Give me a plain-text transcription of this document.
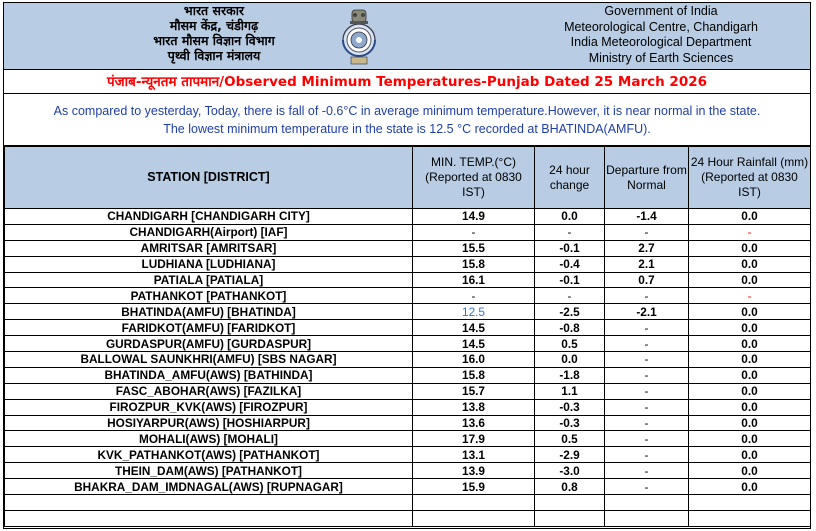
भारत सरकार
मौसम केंद्र, चंडीगढ़
भारत मौसम विज्ञान विभाग
पृथ्वी विज्ञान मंत्रालय
Government of India
Meteorological Centre, Chandigarh
India Meteorological Department
Ministry of Earth Sciences
पंजाब-न्यूनतम तापमान/Observed Minimum Temperatures-Punjab Dated 25 March 2026
As compared to yesterday, Today, there is fall of -0.6°C in average minimum temperature.However, it is near normal in the state.
The lowest minimum temperature in the state is 12.5 °C recorded at BHATINDA(AMFU).
STATION [DISTRICT]	MIN. TEMP.(°C) (Reported at 0830 IST)	24 hour change	Departure from Normal	24 Hour Rainfall (mm) (Reported at 0830 IST)
CHANDIGARH [CHANDIGARH CITY]	14.9	0.0	-1.4	0.0
CHANDIGARH(Airport) [IAF]	-	-	-	-
AMRITSAR [AMRITSAR]	15.5	-0.1	2.7	0.0
LUDHIANA [LUDHIANA]	15.8	-0.4	2.1	0.0
PATIALA [PATIALA]	16.1	-0.1	0.7	0.0
PATHANKOT [PATHANKOT]	-	-	-	-
BHATINDA(AMFU) [BHATINDA]	12.5	-2.5	-2.1	0.0
FARIDKOT(AMFU) [FARIDKOT]	14.5	-0.8	-	0.0
GURDASPUR(AMFU) [GURDASPUR]	14.5	0.5	-	0.0
BALLOWAL SAUNKHRI(AMFU) [SBS NAGAR]	16.0	0.0	-	0.0
BHATINDA_AMFU(AWS) [BATHINDA]	15.8	-1.8	-	0.0
FASC_ABOHAR(AWS) [FAZILKA]	15.7	1.1	-	0.0
FIROZPUR_KVK(AWS) [FIROZPUR]	13.8	-0.3	-	0.0
HOSIYARPUR(AWS) [HOSHIARPUR]	13.6	-0.3	-	0.0
MOHALI(AWS) [MOHALI]	17.9	0.5	-	0.0
KVK_PATHANKOT(AWS) [PATHANKOT]	13.1	-2.9	-	0.0
THEIN_DAM(AWS) [PATHANKOT]	13.9	-3.0	-	0.0
BHAKRA_DAM_IMDNAGAL(AWS) [RUPNAGAR]	15.9	0.8	-	0.0
